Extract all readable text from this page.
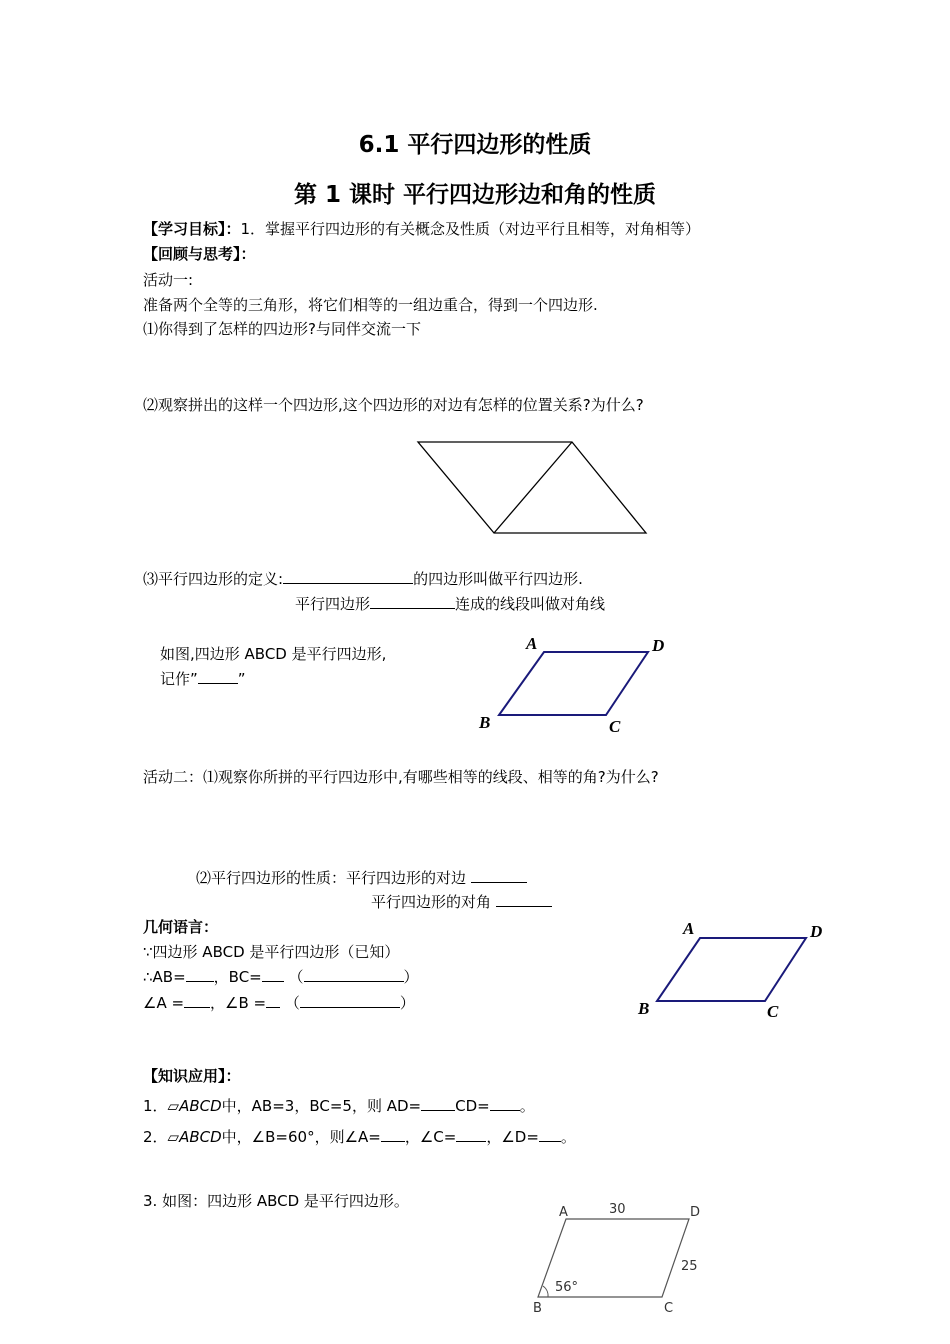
6.1 平行四边形的性质
第 1 课时 平行四边形边和角的性质
【学习目标】：1．掌握平行四边形的有关概念及性质（对边平行且相等，对角相等）
【回顾与思考】：
活动一:
准备两个全等的三角形，将它们相等的一组边重合，得到一个四边形.
⑴你得到了怎样的四边形?与同伴交流一下
⑵观察拼出的这样一个四边形,这个四边形的对边有怎样的位置关系?为什么?
⑶平行四边形的定义:	的四边形叫做平行四边形.
平行四边形	连成的线段叫做对角线
如图,四边形 ABCD 是平行四边形,
记作”	”
A	D
B	C
活动二：⑴观察你所拼的平行四边形中,有哪些相等的线段、相等的角?为什么?
⑵平行四边形的性质：平行四边形的对边
平行四边形的对角
几何语言：
∵四边形 ABCD 是平行四边形（已知）
∴AB= ，BC= （	）
∠A = ，∠B = （	）
A	D
B	C
【知识应用】：
1．▱ABCD中，AB=3，BC=5，则 AD= CD= 。
2．▱ABCD中，∠B=60°，则∠A= ，∠C= ，∠D= 。
3. 如图：四边形 ABCD 是平行四边形。
A	D
B	C
30
25
56°
